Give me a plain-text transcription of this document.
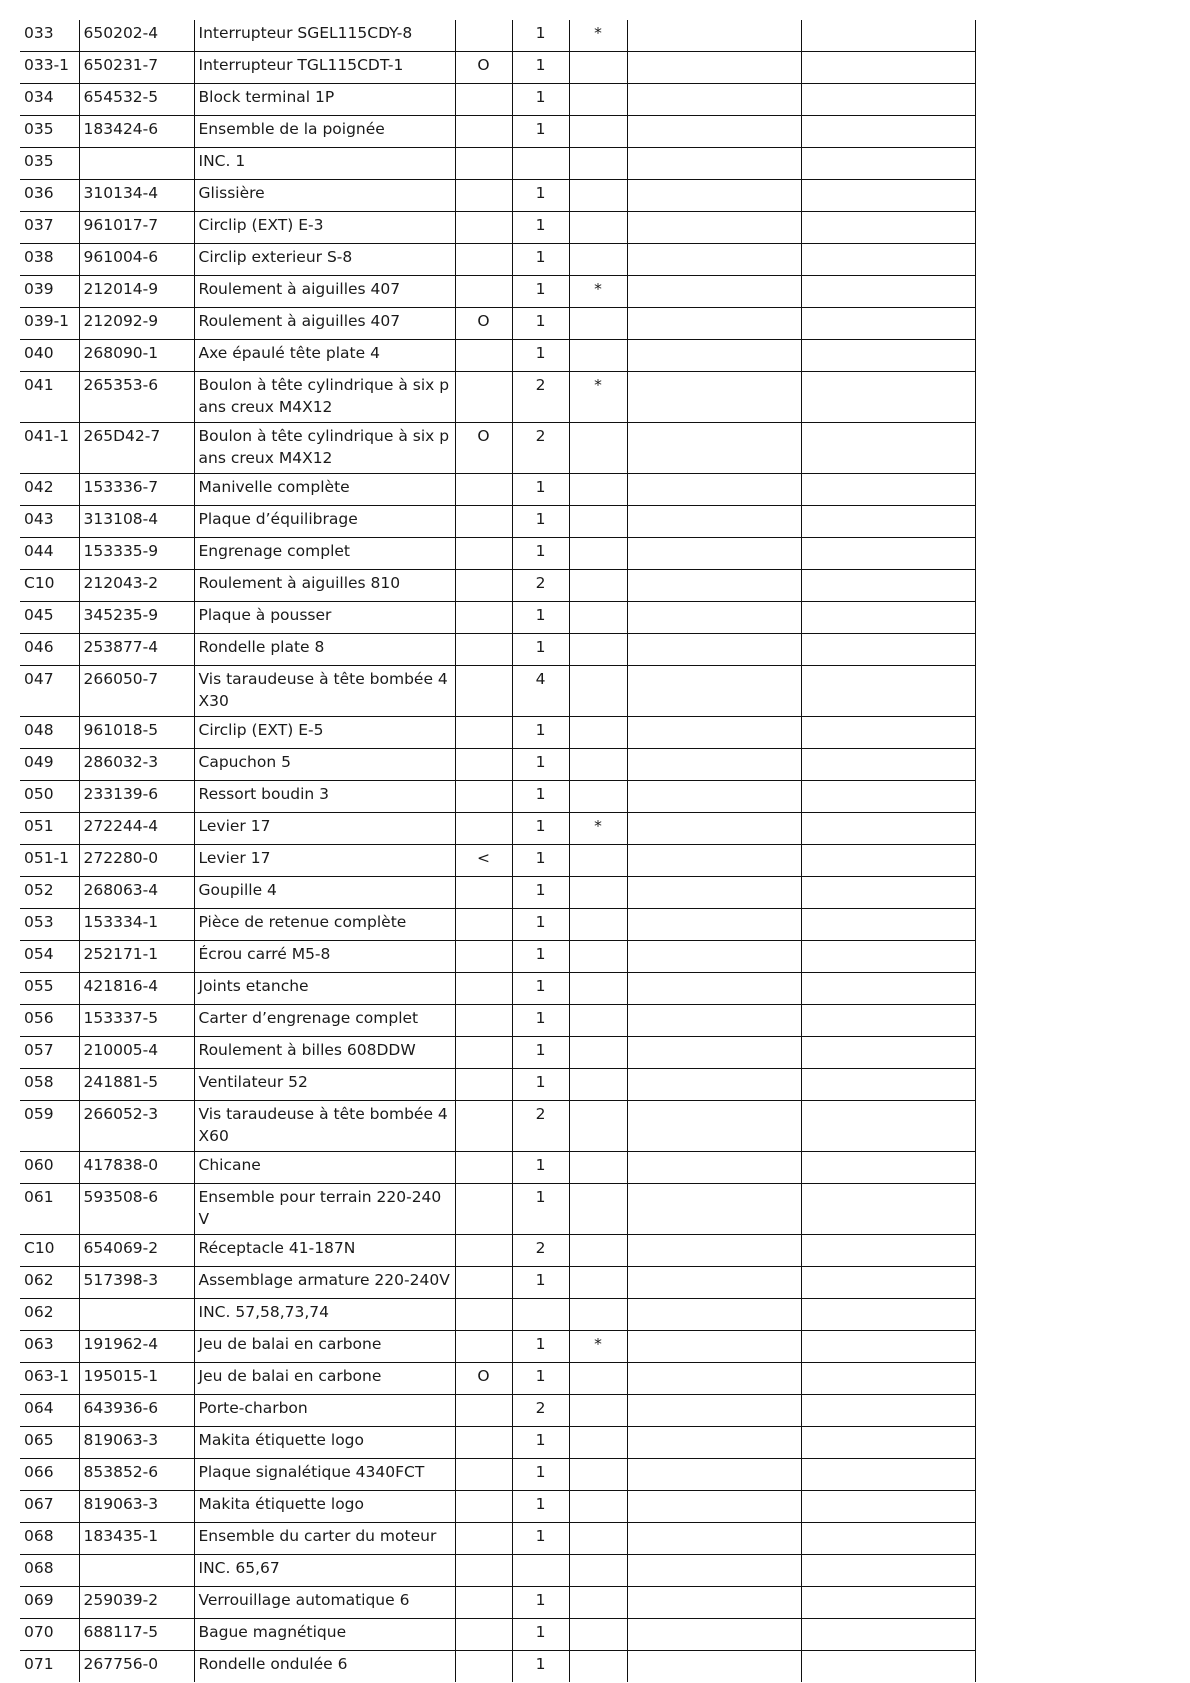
033	650202-4	Interrupteur SGEL115CDY-8		1	*		
033-1	650231-7	Interrupteur TGL115CDT-1	O	1			
034	654532-5	Block terminal 1P		1			
035	183424-6	Ensemble de la poignée		1			
035		INC. 1					
036	310134-4	Glissière		1			
037	961017-7	Circlip (EXT) E-3		1			
038	961004-6	Circlip exterieur S-8		1			
039	212014-9	Roulement à aiguilles 407		1	*		
039-1	212092-9	Roulement à aiguilles 407	O	1			
040	268090-1	Axe épaulé tête plate 4		1			
041	265353-6	Boulon à tête cylindrique à six pans creux M4X12		2	*		
041-1	265D42-7	Boulon à tête cylindrique à six pans creux M4X12	O	2			
042	153336-7	Manivelle complète		1			
043	313108-4	Plaque d’équilibrage		1			
044	153335-9	Engrenage complet		1			
C10	212043-2	Roulement à aiguilles 810		2			
045	345235-9	Plaque à pousser		1			
046	253877-4	Rondelle plate 8		1			
047	266050-7	Vis taraudeuse à tête bombée 4X30		4			
048	961018-5	Circlip (EXT) E-5		1			
049	286032-3	Capuchon 5		1			
050	233139-6	Ressort boudin 3		1			
051	272244-4	Levier 17		1	*		
051-1	272280-0	Levier 17	<	1			
052	268063-4	Goupille 4		1			
053	153334-1	Pièce de retenue complète		1			
054	252171-1	Écrou carré M5-8		1			
055	421816-4	Joints etanche		1			
056	153337-5	Carter d’engrenage complet		1			
057	210005-4	Roulement à billes 608DDW		1			
058	241881-5	Ventilateur 52		1			
059	266052-3	Vis taraudeuse à tête bombée 4X60		2			
060	417838-0	Chicane		1			
061	593508-6	Ensemble pour terrain 220-240V		1			
C10	654069-2	Réceptacle 41-187N		2			
062	517398-3	Assemblage armature 220-240V		1			
062		INC. 57,58,73,74					
063	191962-4	Jeu de balai en carbone		1	*		
063-1	195015-1	Jeu de balai en carbone	O	1			
064	643936-6	Porte-charbon		2			
065	819063-3	Makita étiquette logo		1			
066	853852-6	Plaque signalétique 4340FCT		1			
067	819063-3	Makita étiquette logo		1			
068	183435-1	Ensemble du carter du moteur		1			
068		INC. 65,67					
069	259039-2	Verrouillage automatique 6		1			
070	688117-5	Bague magnétique		1			
071	267756-0	Rondelle ondulée 6		1			
